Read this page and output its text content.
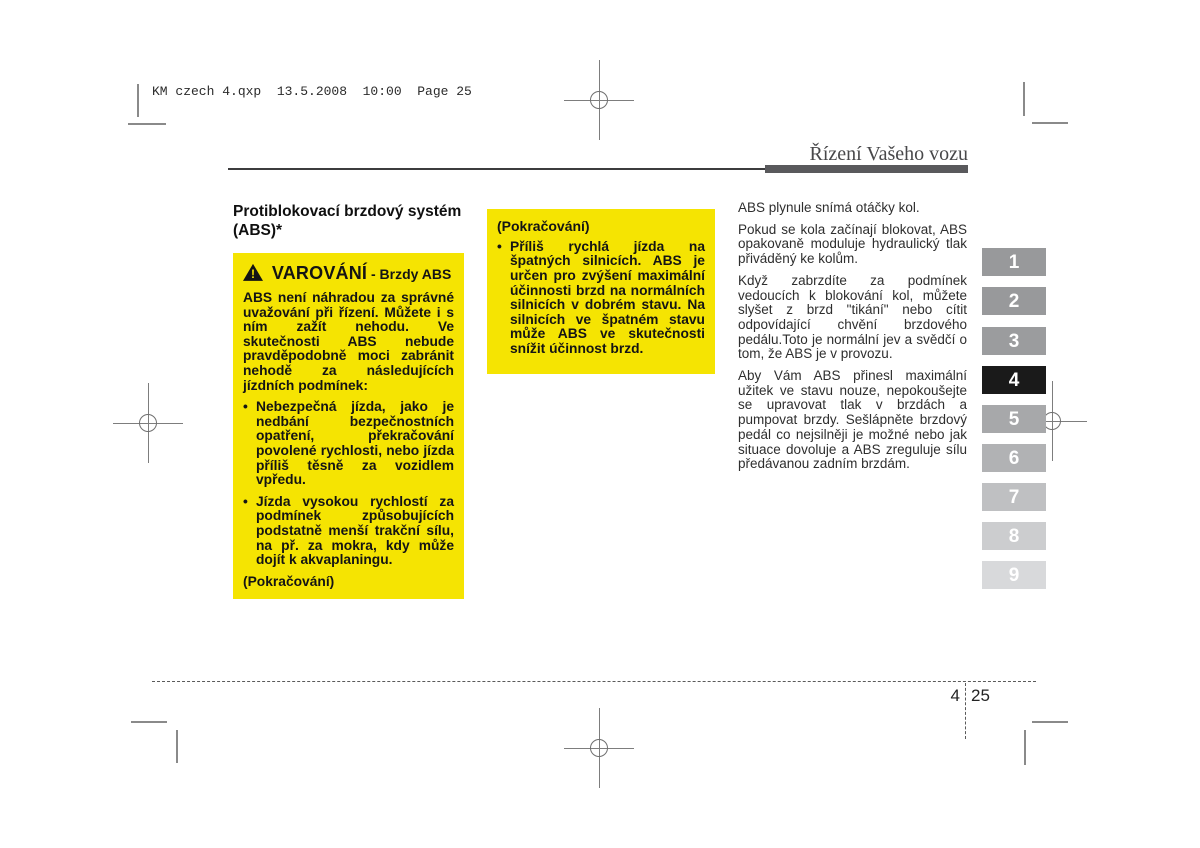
KM czech 4.qxp  13.5.2008  10:00  Page 25
Řízení Vašeho vozu
Protiblokovací brzdový systém (ABS)*
! VAROVÁNÍ - Brzdy ABS

ABS není náhradou za správné uvažování při řízení. Můžete i s ním zažít nehodu. Ve skutečnosti ABS nebude pravděpodobně moci zabránit nehodě za následujících jízdních podmínek:

• Nebezpečná jízda, jako je nedbání bezpečnostních opatření, překračování povolené rychlosti, nebo jízda příliš těsně za vozidlem vpředu.
• Jízda vysokou rychlostí za podmínek způsobujících podstatně menší trakční sílu, na př. za mokra, kdy může dojít k akvaplaningu.

(Pokračování)

(Pokračování)
• Příliš rychlá jízda na špatných silnicích. ABS je určen pro zvýšení maximální účinnosti brzd na normálních silnicích v dobrém stavu. Na silnicích ve špatném stavu může ABS ve skutečnosti snížit účinnost brzd.

ABS plynule snímá otáčky kol.

Pokud se kola začínají blokovat, ABS opakovaně moduluje hydraulický tlak přiváděný ke kolům.

Když zabrzdíte za podmínek vedoucích k blokování kol, můžete slyšet z brzd "tikání" nebo cítit odpovídající chvění brzdového pedálu.Toto je normální jev a svědčí o tom, že ABS je v provozu.

Aby Vám ABS přinesl maximální užitek ve stavu nouze, nepokoušejte se upravovat tlak v brzdách a pumpovat brzdy. Sešlápněte brzdový pedál co nejsilněji je možné nebo jak situace dovoluje a ABS zreguluje sílu předávanou zadním brzdám.

1
2
3
4
5
6
7
8
9
4 25
